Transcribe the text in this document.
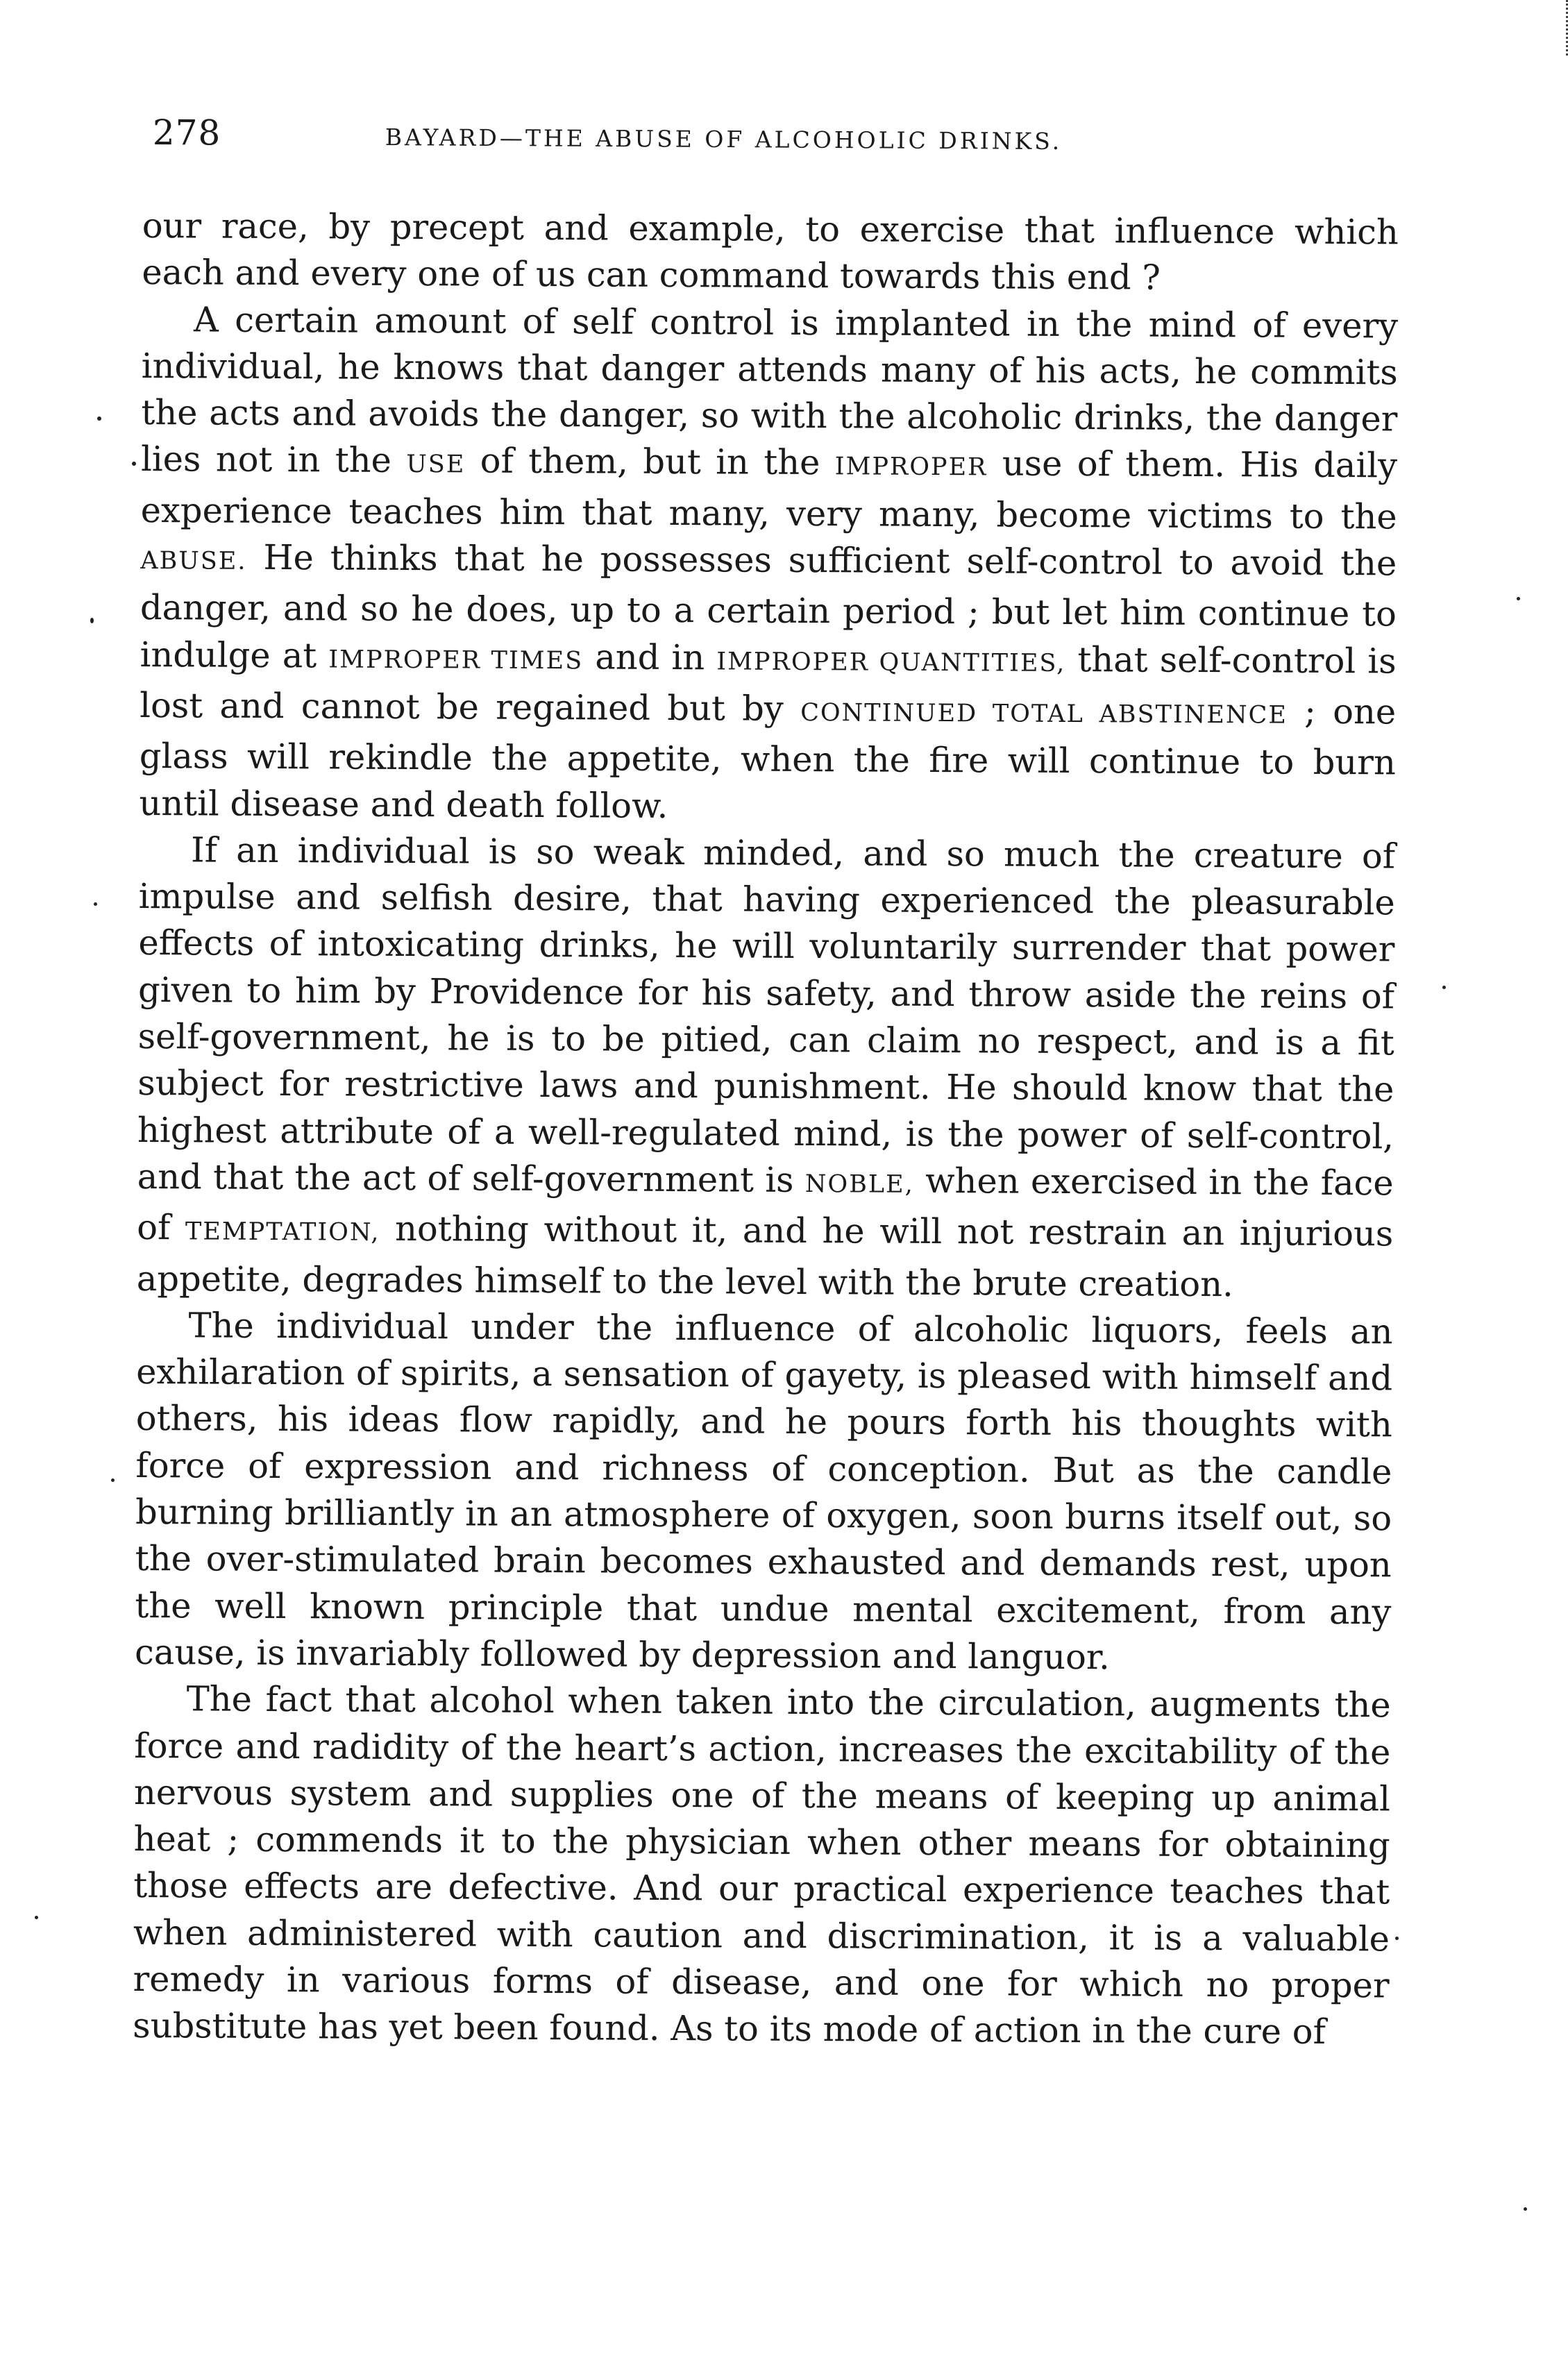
278	BAYARD—THE ABUSE OF ALCOHOLIC DRINKS.

our race, by precept and example, to exercise that influence which each and every one of us can command towards this end ?

A certain amount of self control is implanted in the mind of every individual, he knows that danger attends many of his acts, he commits the acts and avoids the danger, so with the alcoholic drinks, the danger lies not in the USE of them, but in the IMPROPER use of them. His daily experience teaches him that many, very many, become victims to the ABUSE. He thinks that he possesses sufficient self-control to avoid the danger, and so he does, up to a certain period ; but let him continue to indulge at IMPROPER TIMES and in IMPROPER QUANTITIES, that self-control is lost and cannot be regained but by CONTINUED TOTAL ABSTINENCE ; one glass will rekindle the appetite, when the fire will continue to burn until disease and death follow.

If an individual is so weak minded, and so much the creature of impulse and selfish desire, that having experienced the pleasurable effects of intoxicating drinks, he will voluntarily surrender that power given to him by Providence for his safety, and throw aside the reins of self-government, he is to be pitied, can claim no respect, and is a fit subject for restrictive laws and punishment. He should know that the highest attribute of a well-regulated mind, is the power of self-control, and that the act of self-government is NOBLE, when exercised in the face of TEMPTATION, nothing without it, and he will not restrain an injurious appetite, degrades himself to the level with the brute creation.

The individual under the influence of alcoholic liquors, feels an exhilaration of spirits, a sensation of gayety, is pleased with himself and others, his ideas flow rapidly, and he pours forth his thoughts with force of expression and richness of conception. But as the candle burning brilliantly in an atmosphere of oxygen, soon burns itself out, so the over-stimulated brain becomes exhausted and demands rest, upon the well known principle that undue mental excitement, from any cause, is invariably followed by depression and languor.

The fact that alcohol when taken into the circulation, augments the force and radidity of the heart’s action, increases the excitability of the nervous system and supplies one of the means of keeping up animal heat ; commends it to the physician when other means for obtaining those effects are defective. And our practical experience teaches that when administered with caution and discrimination, it is a valuable remedy in various forms of disease, and one for which no proper substitute has yet been found. As to its mode of action in the cure of
